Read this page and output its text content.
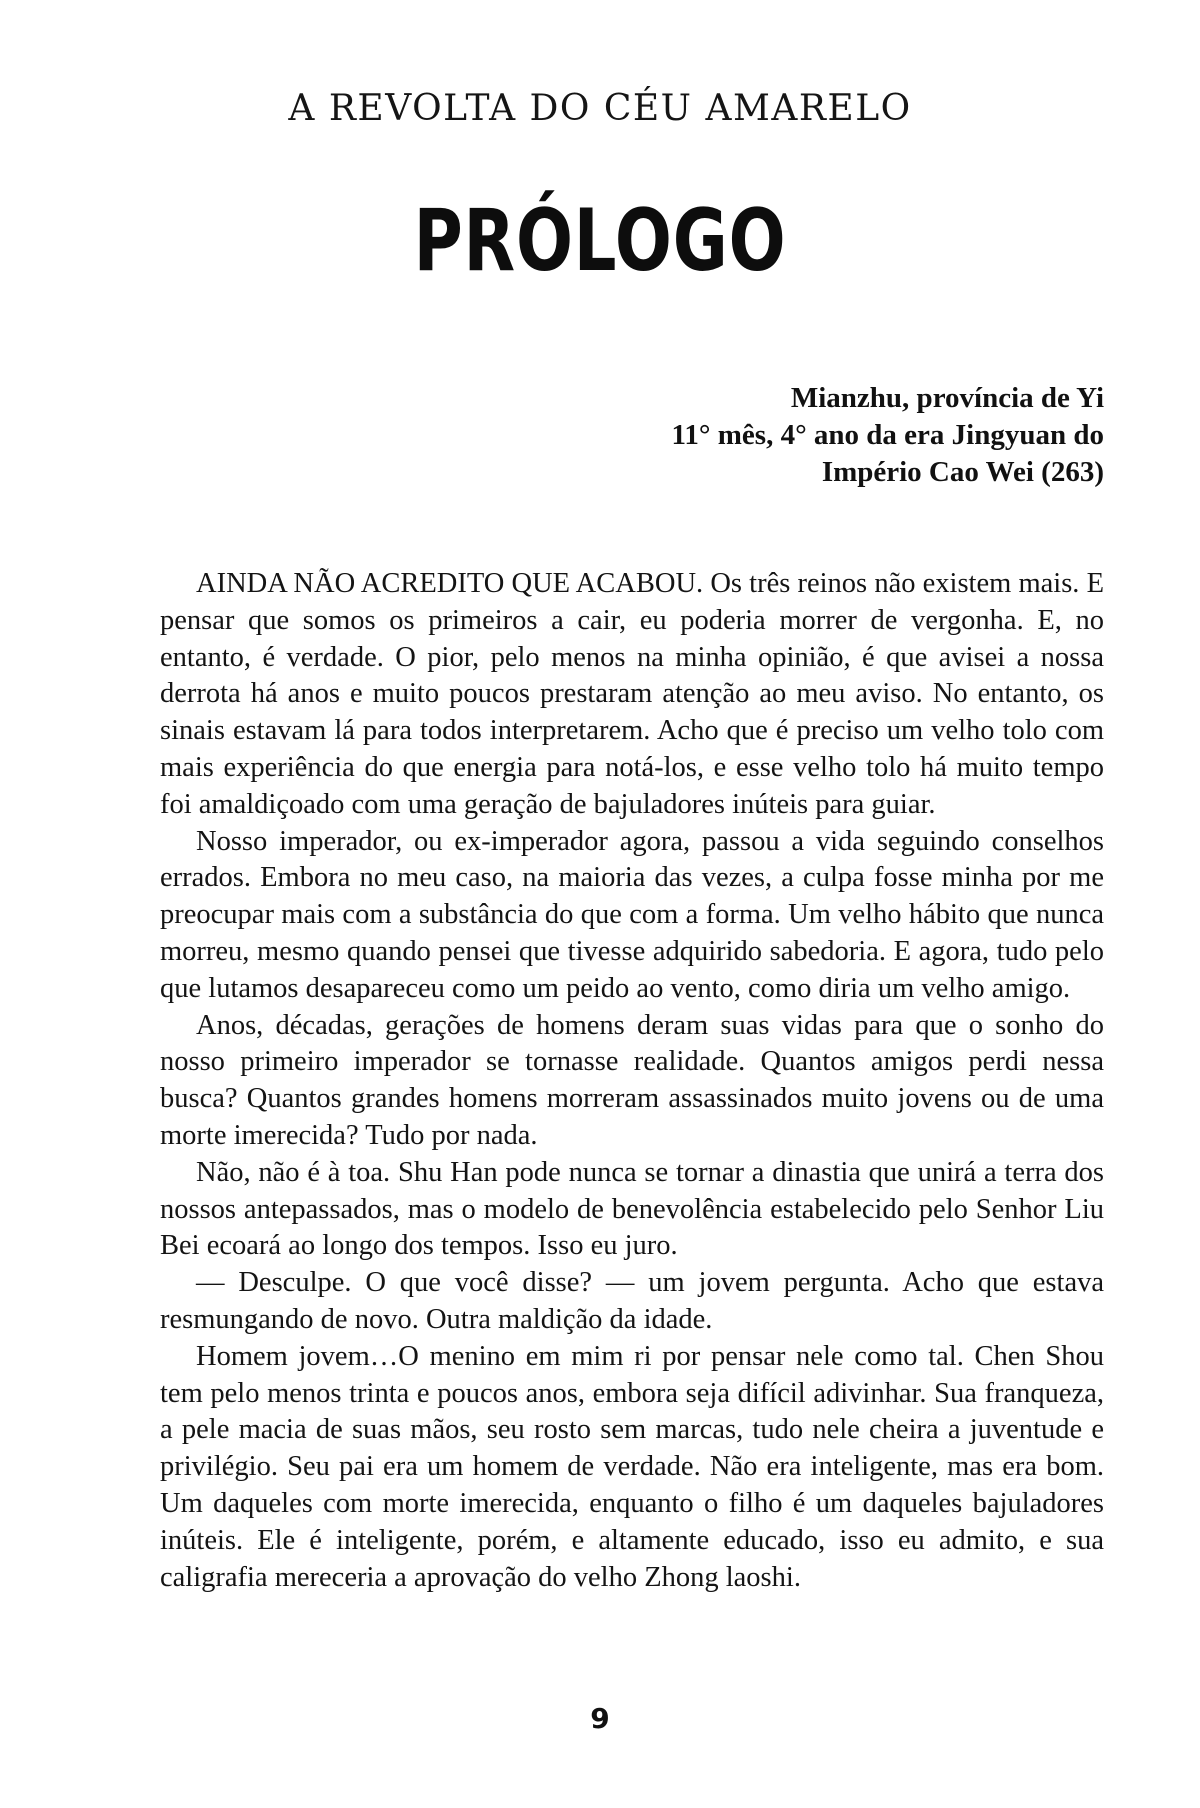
A REVOLTA DO CÉU AMARELO
PRÓLOGO
Mianzhu, província de Yi
11° mês, 4° ano da era Jingyuan do
Império Cao Wei (263)

AINDA NÃO ACREDITO QUE ACABOU. Os três reinos não existem mais. E pensar que somos os primeiros a cair, eu poderia morrer de vergonha. E, no entanto, é verdade. O pior, pelo menos na minha opinião, é que avisei a nossa derrota há anos e muito poucos prestaram atenção ao meu aviso. No entanto, os sinais estavam lá para todos interpretarem. Acho que é preciso um velho tolo com mais experiência do que energia para notá-los, e esse velho tolo há muito tempo foi amaldiçoado com uma geração de bajuladores inúteis para guiar.

Nosso imperador, ou ex-imperador agora, passou a vida seguindo conselhos errados. Embora no meu caso, na maioria das vezes, a culpa fosse minha por me preocupar mais com a substância do que com a forma. Um velho hábito que nunca morreu, mesmo quando pensei que tivesse adquirido sabedoria. E agora, tudo pelo que lutamos desapareceu como um peido ao vento, como diria um velho amigo.

Anos, décadas, gerações de homens deram suas vidas para que o sonho do nosso primeiro imperador se tornasse realidade. Quantos amigos perdi nessa busca? Quantos grandes homens morreram assassinados muito jovens ou de uma morte imerecida? Tudo por nada.

Não, não é à toa. Shu Han pode nunca se tornar a dinastia que unirá a terra dos nossos antepassados, mas o modelo de benevolência estabelecido pelo Senhor Liu Bei ecoará ao longo dos tempos. Isso eu juro.

— Desculpe. O que você disse? — um jovem pergunta. Acho que estava resmungando de novo. Outra maldição da idade.

Homem jovem…O menino em mim ri por pensar nele como tal. Chen Shou tem pelo menos trinta e poucos anos, embora seja difícil adivinhar. Sua franqueza, a pele macia de suas mãos, seu rosto sem marcas, tudo nele cheira a juventude e privilégio. Seu pai era um homem de verdade. Não era inteligente, mas era bom. Um daqueles com morte imerecida, enquanto o filho é um daqueles bajuladores inúteis. Ele é inteligente, porém, e altamente educado, isso eu admito, e sua caligrafia mereceria a aprovação do velho Zhong laoshi.

9
